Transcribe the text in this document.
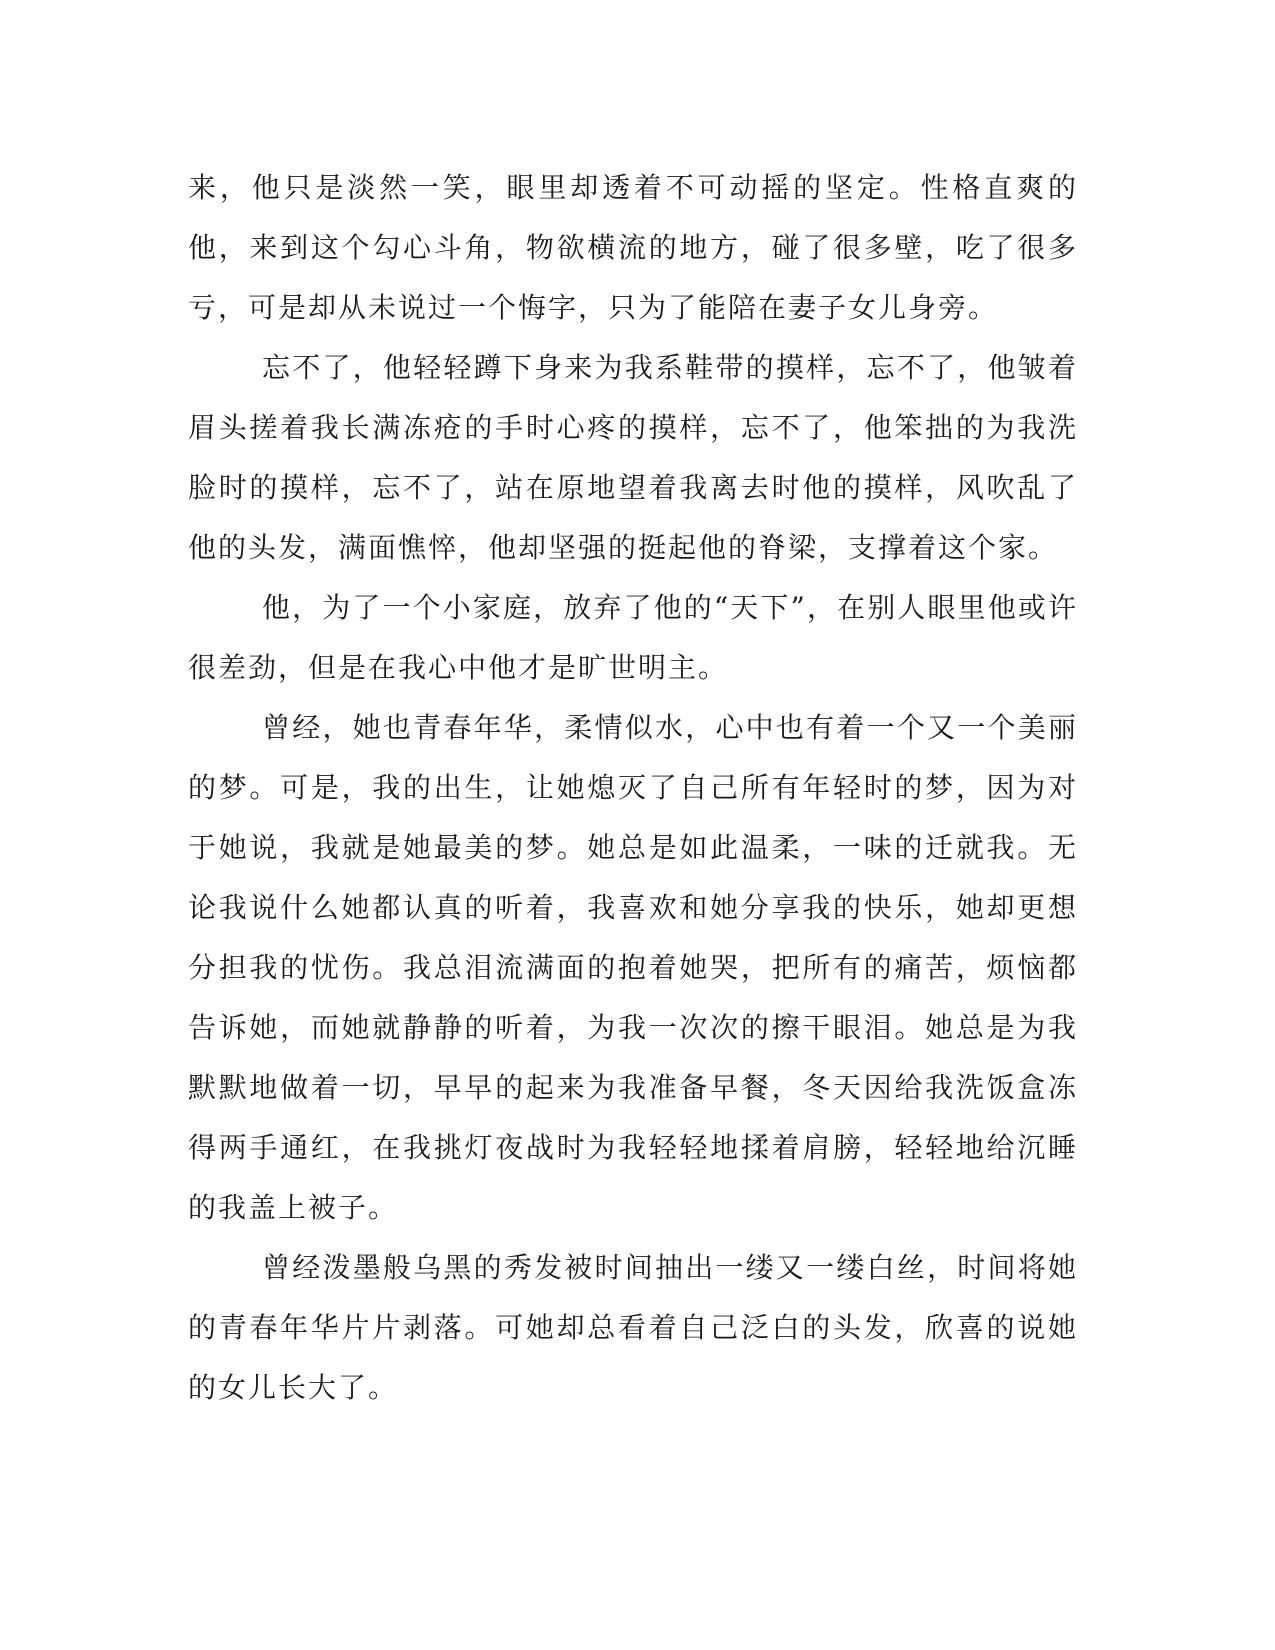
来，他只是淡然一笑，眼里却透着不可动摇的坚定。性格直爽的他，来到这个勾心斗角，物欲横流的地方，碰了很多壁，吃了很多亏，可是却从未说过一个悔字，只为了能陪在妻子女儿身旁。

忘不了，他轻轻蹲下身来为我系鞋带的摸样，忘不了，他皱着眉头搓着我长满冻疮的手时心疼的摸样，忘不了，他笨拙的为我洗脸时的摸样，忘不了，站在原地望着我离去时他的摸样，风吹乱了他的头发，满面憔悴，他却坚强的挺起他的脊梁，支撑着这个家。

他，为了一个小家庭，放弃了他的“天下”，在别人眼里他或许很差劲，但是在我心中他才是旷世明主。

曾经，她也青春年华，柔情似水，心中也有着一个又一个美丽的梦。可是，我的出生，让她熄灭了自己所有年轻时的梦，因为对于她说，我就是她最美的梦。她总是如此温柔，一味的迁就我。无论我说什么她都认真的听着，我喜欢和她分享我的快乐，她却更想分担我的忧伤。我总泪流满面的抱着她哭，把所有的痛苦，烦恼都告诉她，而她就静静的听着，为我一次次的擦干眼泪。她总是为我默默地做着一切，早早的起来为我准备早餐，冬天因给我洗饭盒冻得两手通红，在我挑灯夜战时为我轻轻地揉着肩膀，轻轻地给沉睡的我盖上被子。

曾经泼墨般乌黑的秀发被时间抽出一缕又一缕白丝，时间将她的青春年华片片剥落。可她却总看着自己泛白的头发，欣喜的说她的女儿长大了。
